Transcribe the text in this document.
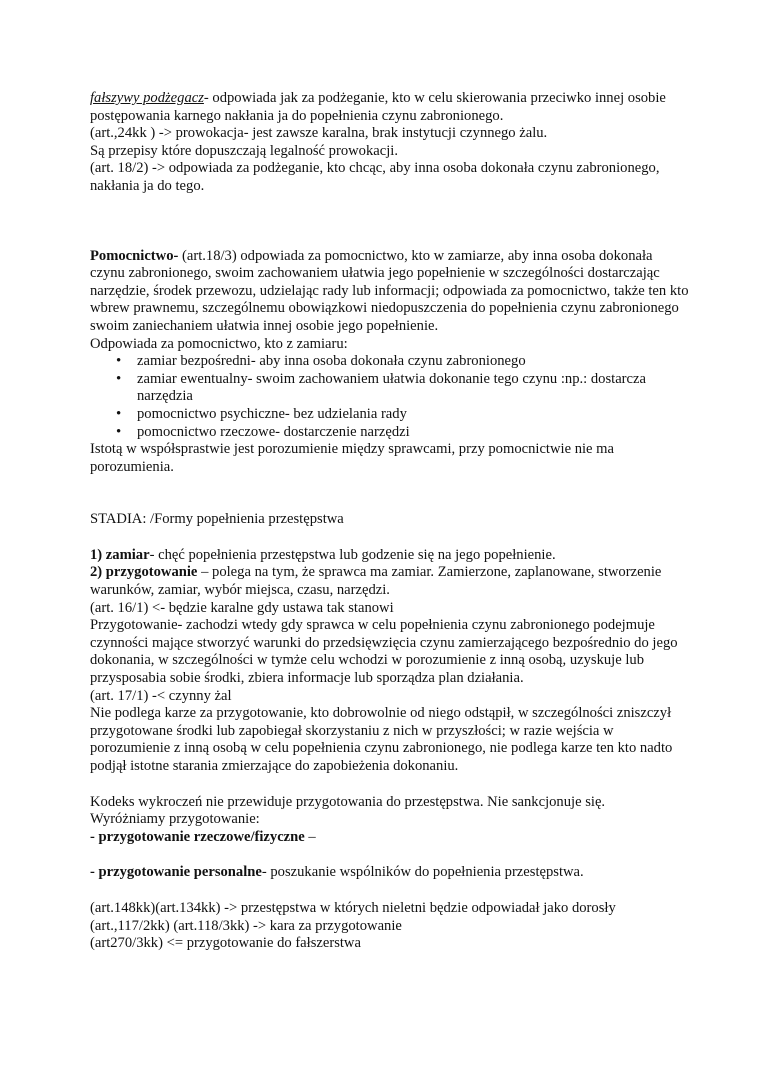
fałszywy podżegacz- odpowiada jak za podżeganie, kto w celu skierowania przeciwko innej osobie postępowania karnego nakłania ja do popełnienia czynu zabronionego.

(art.,24kk ) -> prowokacja- jest zawsze karalna, brak instytucji czynnego żalu.

Są przepisy które dopuszczają legalność prowokacji.

(art. 18/2) -> odpowiada za podżeganie, kto chcąc, aby inna osoba dokonała czynu zabronionego, nakłania ja do tego.

Pomocnictwo- (art.18/3) odpowiada za pomocnictwo, kto w zamiarze, aby inna osoba dokonała czynu zabronionego, swoim zachowaniem ułatwia jego popełnienie w szczególności dostarczając narzędzie, środek przewozu, udzielając rady lub informacji; odpowiada za pomocnictwo, także ten kto wbrew prawnemu, szczególnemu obowiązkowi niedopuszczenia do popełnienia czynu zabronionego swoim zaniechaniem ułatwia innej osobie jego popełnienie.

Odpowiada za pomocnictwo, kto z zamiaru:

• zamiar bezpośredni- aby inna osoba dokonała czynu zabronionego
• zamiar ewentualny- swoim zachowaniem ułatwia dokonanie tego czynu :np.: dostarcza narzędzia
• pomocnictwo psychiczne- bez udzielania rady
• pomocnictwo rzeczowe- dostarczenie narzędzi

Istotą w współsprastwie jest porozumienie między sprawcami, przy pomocnictwie nie ma porozumienia.

STADIA: /Formy popełnienia przestępstwa

1) zamiar- chęć popełnienia przestępstwa lub godzenie się na jego popełnienie.

2) przygotowanie – polega na tym, że sprawca ma zamiar. Zamierzone, zaplanowane, stworzenie warunków, zamiar, wybór miejsca, czasu, narzędzi.

(art. 16/1) <- będzie karalne gdy ustawa tak stanowi

Przygotowanie- zachodzi wtedy gdy sprawca w celu popełnienia czynu zabronionego podejmuje czynności mające stworzyć warunki do przedsięwzięcia czynu zamierzającego bezpośrednio do jego dokonania, w szczególności w tymże celu wchodzi w porozumienie z inną osobą, uzyskuje lub przysposabia sobie środki, zbiera informacje lub sporządza plan działania.

(art. 17/1) -< czynny żal

Nie podlega karze za przygotowanie, kto dobrowolnie od niego odstąpił, w szczególności zniszczył przygotowane środki lub zapobiegał skorzystaniu z nich w przyszłości; w razie wejścia w porozumienie z inną osobą w celu popełnienia czynu zabronionego, nie podlega karze ten kto nadto podjął istotne starania zmierzające do zapobieżenia dokonaniu.

Kodeks wykroczeń nie przewiduje przygotowania do przestępstwa. Nie sankcjonuje się.

Wyróżniamy przygotowanie:

- przygotowanie rzeczowe/fizyczne –

- przygotowanie personalne- poszukanie wspólników do popełnienia przestępstwa.

(art.148kk)(art.134kk) -> przestępstwa w których nieletni będzie odpowiadał jako dorosły

(art.,117/2kk) (art.118/3kk) -> kara za przygotowanie

(art270/3kk) <= przygotowanie do fałszerstwa
